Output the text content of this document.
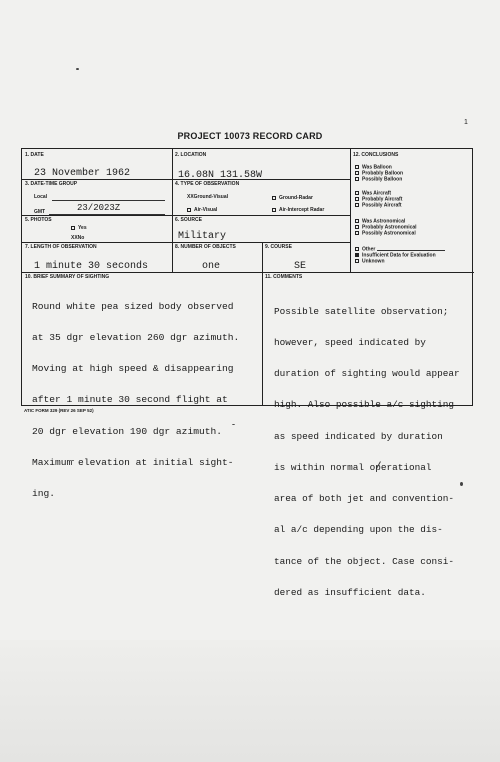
1
PROJECT 10073 RECORD CARD
1. DATE
23 November 1962
2. LOCATION
16.08N 131.58W
3. DATE-TIME GROUP
Local
GMT	23/2023Z
4. TYPE OF OBSERVATION
XXGround-Visual	Ground-Radar
Air-Visual	Air-Intercept Radar
5. PHOTOS
Yes
XXNo
6. SOURCE
Military
7. LENGTH OF OBSERVATION
1 minute 30 seconds
8. NUMBER OF OBJECTS
one
9. COURSE
SE
10. BRIEF SUMMARY OF SIGHTING

Round white pea sized body observed

at 35 dgr elevation 260 dgr azimuth.

Moving at high speed & disappearing

after 1 minute 30 second flight at

20 dgr elevation 190 dgr azimuth.

Maximum elevation at initial sight-

ing.

11. COMMENTS

Possible satellite observation;

however, speed indicated by

duration of sighting would appear

high. Also possible a/c sighting

as speed indicated by duration

is within normal operational

area of both jet and convention-

al a/c depending upon the dis-

tance of the object. Case consi-

dered as insufficient data.

12. CONCLUSIONS
Was Balloon
Probably Balloon
Possibly Balloon
Was Aircraft
Probably Aircraft
Possibly Aircraft
Was Astronomical
Probably Astronomical
Possibly Astronomical
Other
Insufficient Data for Evaluation
Unknown
ATIC FORM 329 (REV 26 SEP 52)
